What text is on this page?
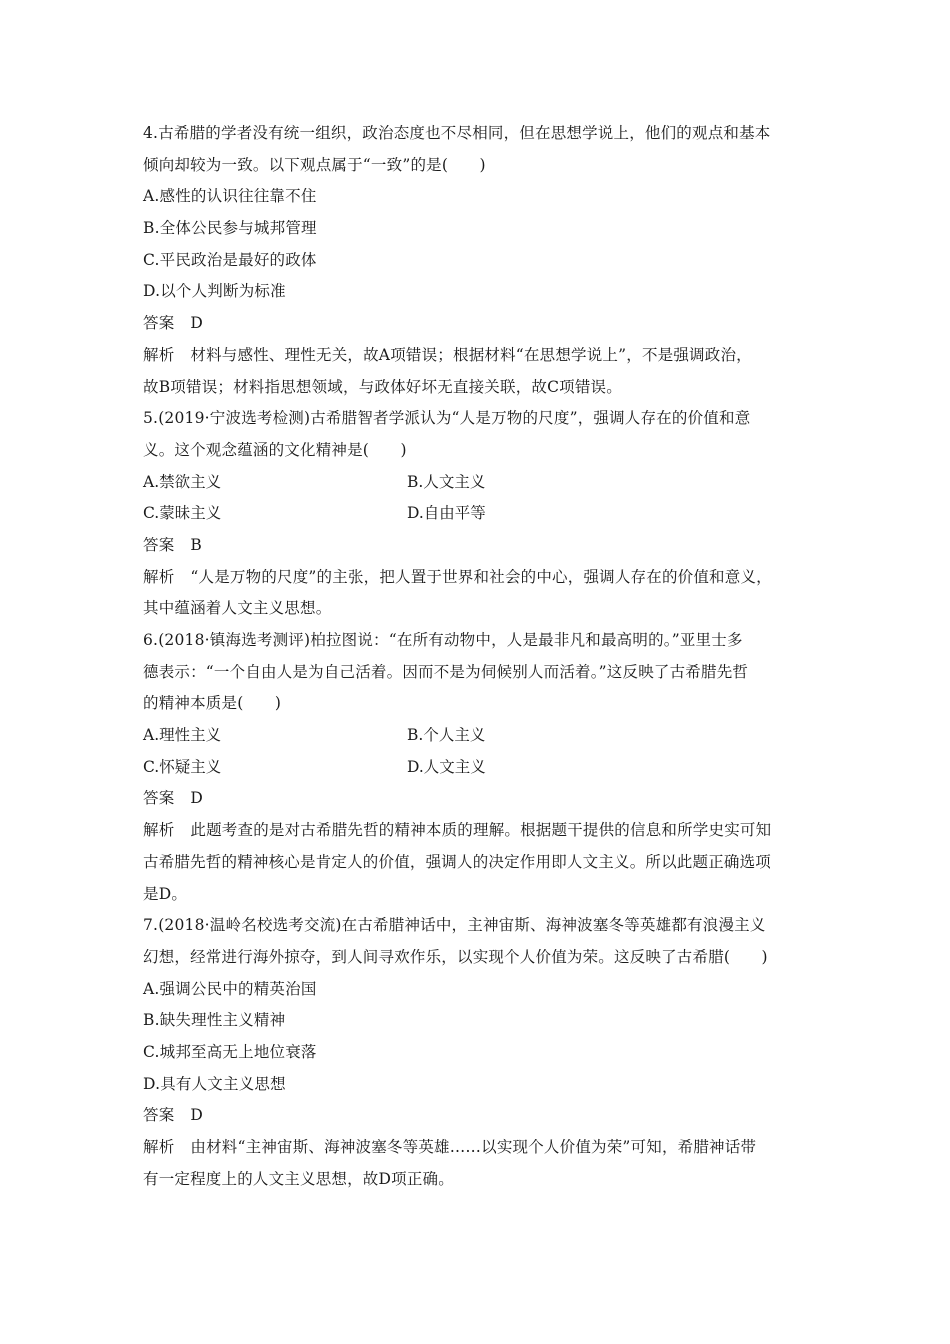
4.古希腊的学者没有统一组织，政治态度也不尽相同，但在思想学说上，他们的观点和基本
倾向却较为一致。以下观点属于“一致”的是(　　)
A.感性的认识往往靠不住
B.全体公民参与城邦管理
C.平民政治是最好的政体
D.以个人判断为标准
答案 D
解析 材料与感性、理性无关，故A项错误；根据材料“在思想学说上”，不是强调政治，
故B项错误；材料指思想领域，与政体好坏无直接关联，故C项错误。
5.(2019·宁波选考检测)古希腊智者学派认为“人是万物的尺度”，强调人存在的价值和意
义。这个观念蕴涵的文化精神是(　　)
A.禁欲主义	B.人文主义
C.蒙昧主义	D.自由平等
答案 B
解析 “人是万物的尺度”的主张，把人置于世界和社会的中心，强调人存在的价值和意义，
其中蕴涵着人文主义思想。
6.(2018·镇海选考测评)柏拉图说：“在所有动物中，人是最非凡和最高明的。”亚里士多
德表示：“一个自由人是为自己活着。因而不是为伺候别人而活着。”这反映了古希腊先哲
的精神本质是(　　)
A.理性主义	B.个人主义
C.怀疑主义	D.人文主义
答案 D
解析 此题考查的是对古希腊先哲的精神本质的理解。根据题干提供的信息和所学史实可知
古希腊先哲的精神核心是肯定人的价值，强调人的决定作用即人文主义。所以此题正确选项
是D。
7.(2018·温岭名校选考交流)在古希腊神话中，主神宙斯、海神波塞冬等英雄都有浪漫主义
幻想，经常进行海外掠夺，到人间寻欢作乐，以实现个人价值为荣。这反映了古希腊(　　)
A.强调公民中的精英治国
B.缺失理性主义精神
C.城邦至高无上地位衰落
D.具有人文主义思想
答案 D
解析 由材料“主神宙斯、海神波塞冬等英雄……以实现个人价值为荣”可知，希腊神话带
有一定程度上的人文主义思想，故D项正确。
